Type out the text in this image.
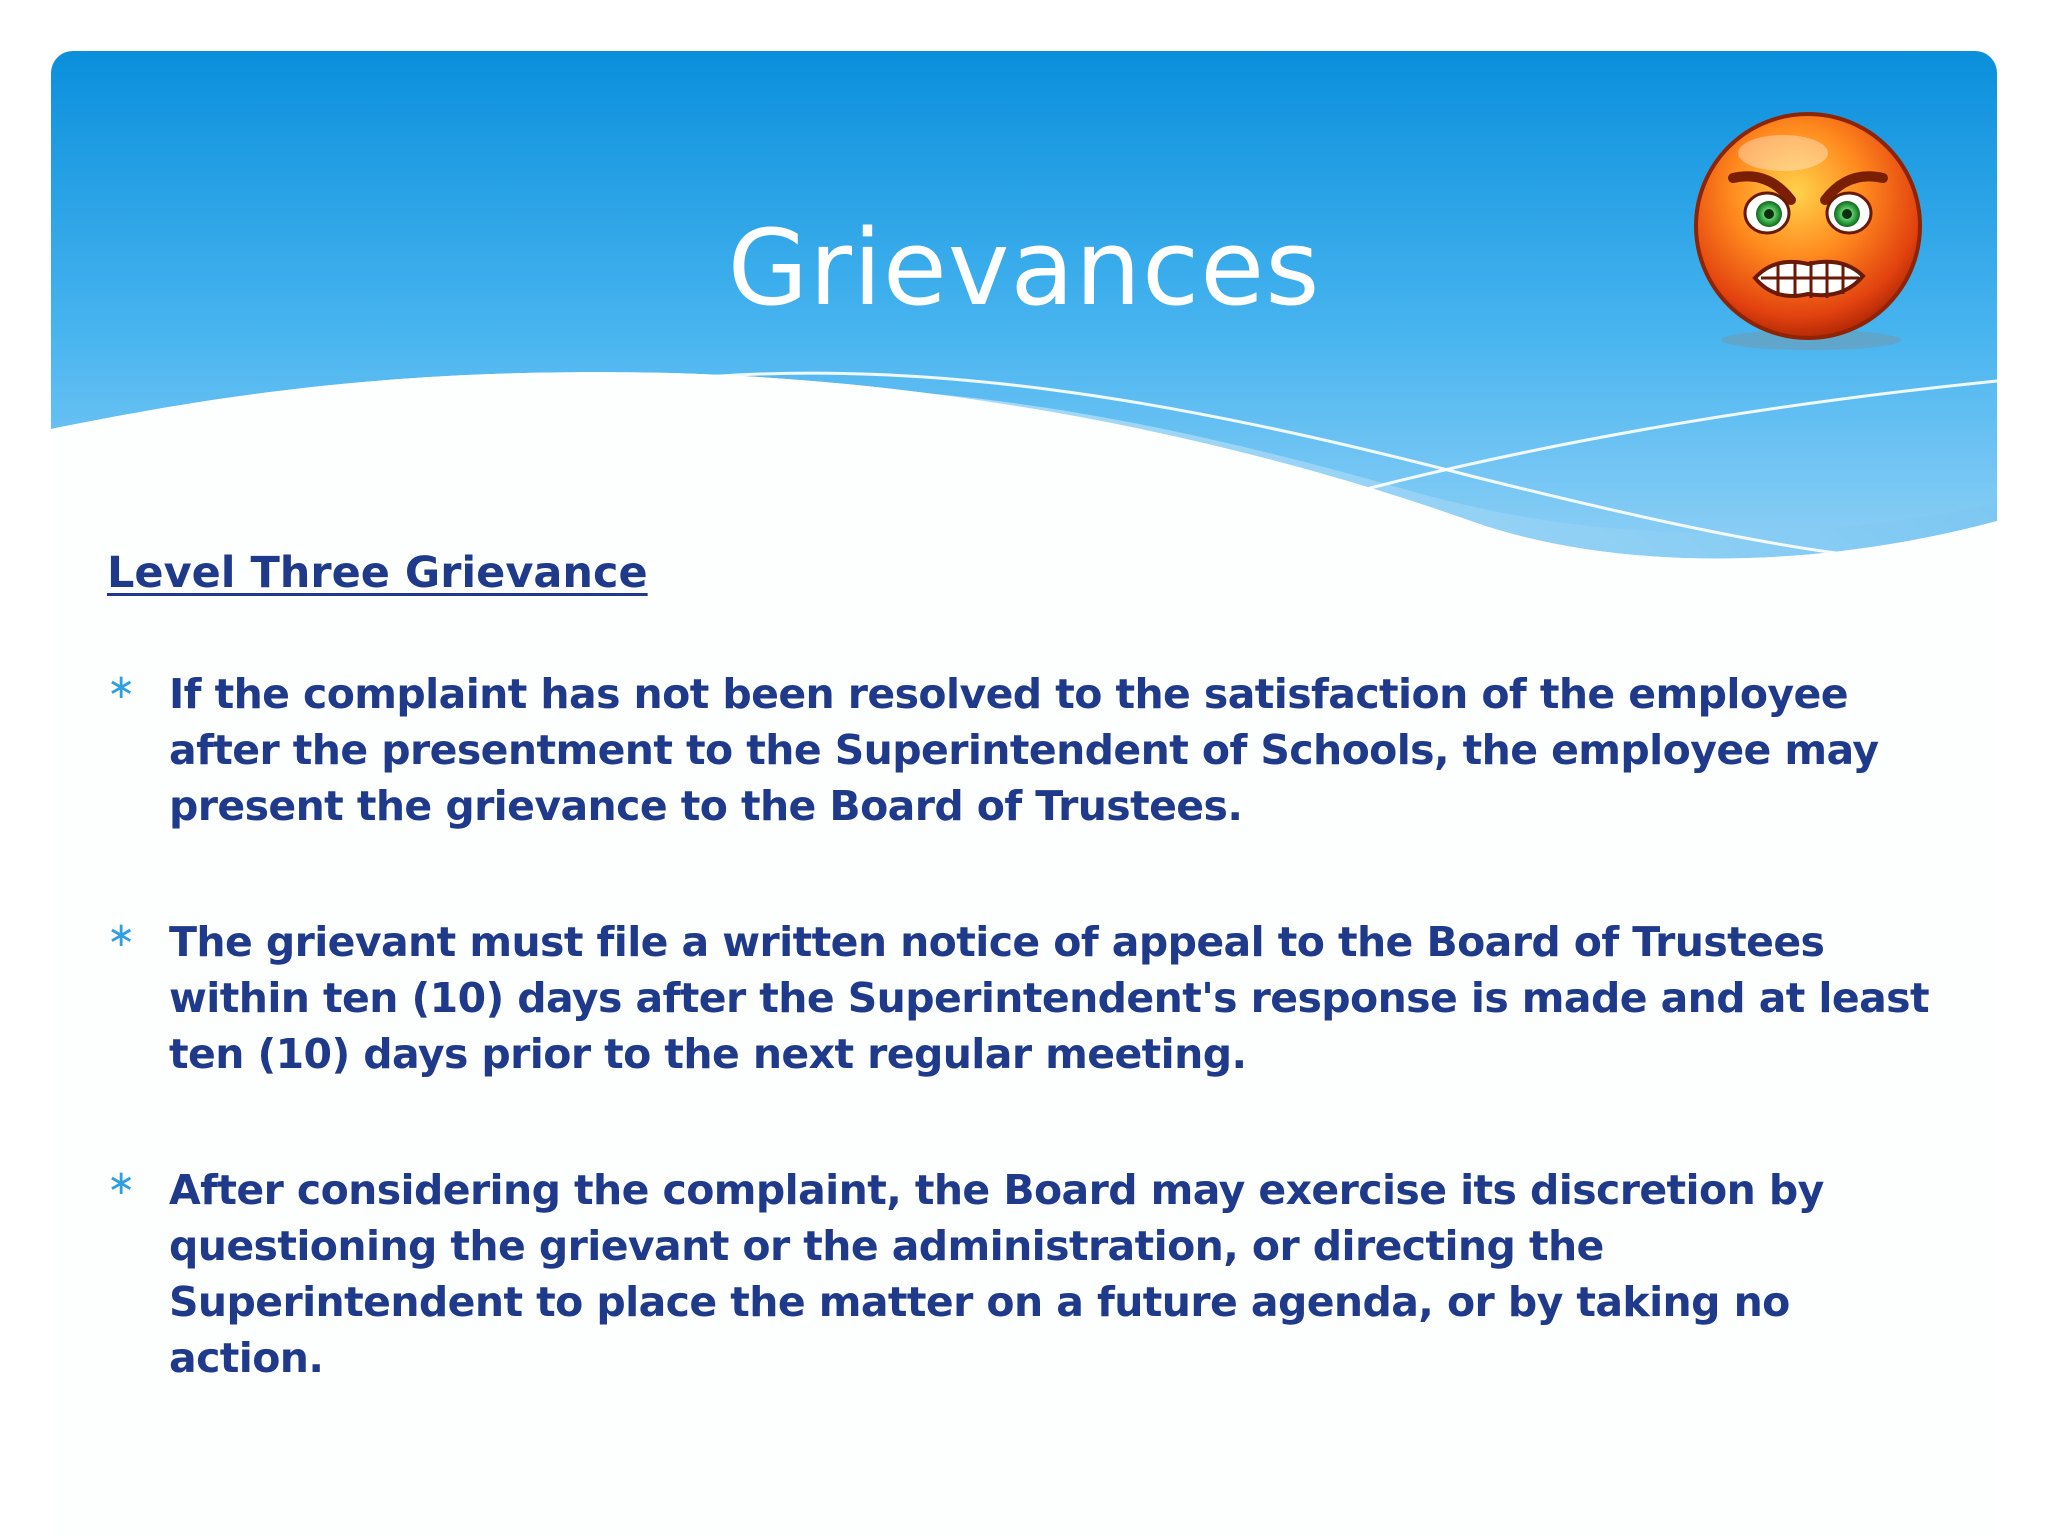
Grievances
Level Three Grievance
∗ If the complaint has not been resolved to the satisfaction of the employee after the presentment to the Superintendent of Schools, the employee may present the grievance to the Board of Trustees.
∗ The grievant must file a written notice of appeal to the Board of Trustees within ten (10) days after the Superintendent's response is made and at least ten (10) days prior to the next regular meeting.
∗ After considering the complaint, the Board may exercise its discretion by questioning the grievant or the administration, or directing the Superintendent to place the matter on a future agenda, or by taking no action.
